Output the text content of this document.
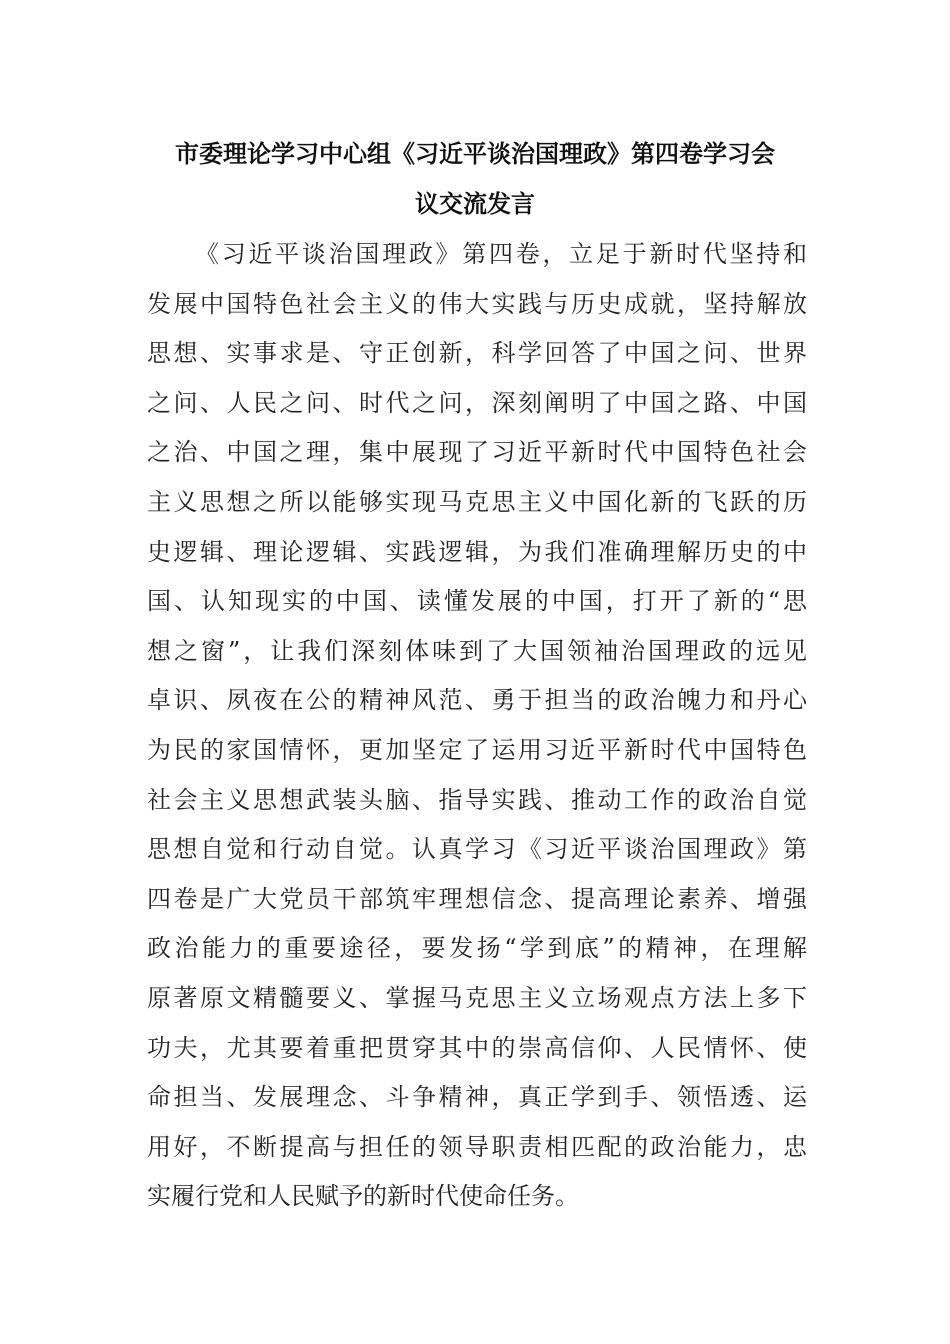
市委理论学习中心组《习近平谈治国理政》第四卷学习会
议交流发言
《习近平谈治国理政》第四卷，立足于新时代坚持和
发展中国特色社会主义的伟大实践与历史成就，坚持解放
思想、实事求是、守正创新，科学回答了中国之问、世界
之问、人民之问、时代之问，深刻阐明了中国之路、中国
之治、中国之理，集中展现了习近平新时代中国特色社会
主义思想之所以能够实现马克思主义中国化新的飞跃的历
史逻辑、理论逻辑、实践逻辑，为我们准确理解历史的中
国、认知现实的中国、读懂发展的中国，打开了新的“思
想之窗”，让我们深刻体味到了大国领袖治国理政的远见
卓识、夙夜在公的精神风范、勇于担当的政治魄力和丹心
为民的家国情怀，更加坚定了运用习近平新时代中国特色
社会主义思想武装头脑、指导实践、推动工作的政治自觉
思想自觉和行动自觉。认真学习《习近平谈治国理政》第
四卷是广大党员干部筑牢理想信念、提高理论素养、增强
政治能力的重要途径，要发扬“学到底”的精神，在理解
原著原文精髓要义、掌握马克思主义立场观点方法上多下
功夫，尤其要着重把贯穿其中的崇高信仰、人民情怀、使
命担当、发展理念、斗争精神，真正学到手、领悟透、运
用好，不断提高与担任的领导职责相匹配的政治能力，忠
实履行党和人民赋予的新时代使命任务。
